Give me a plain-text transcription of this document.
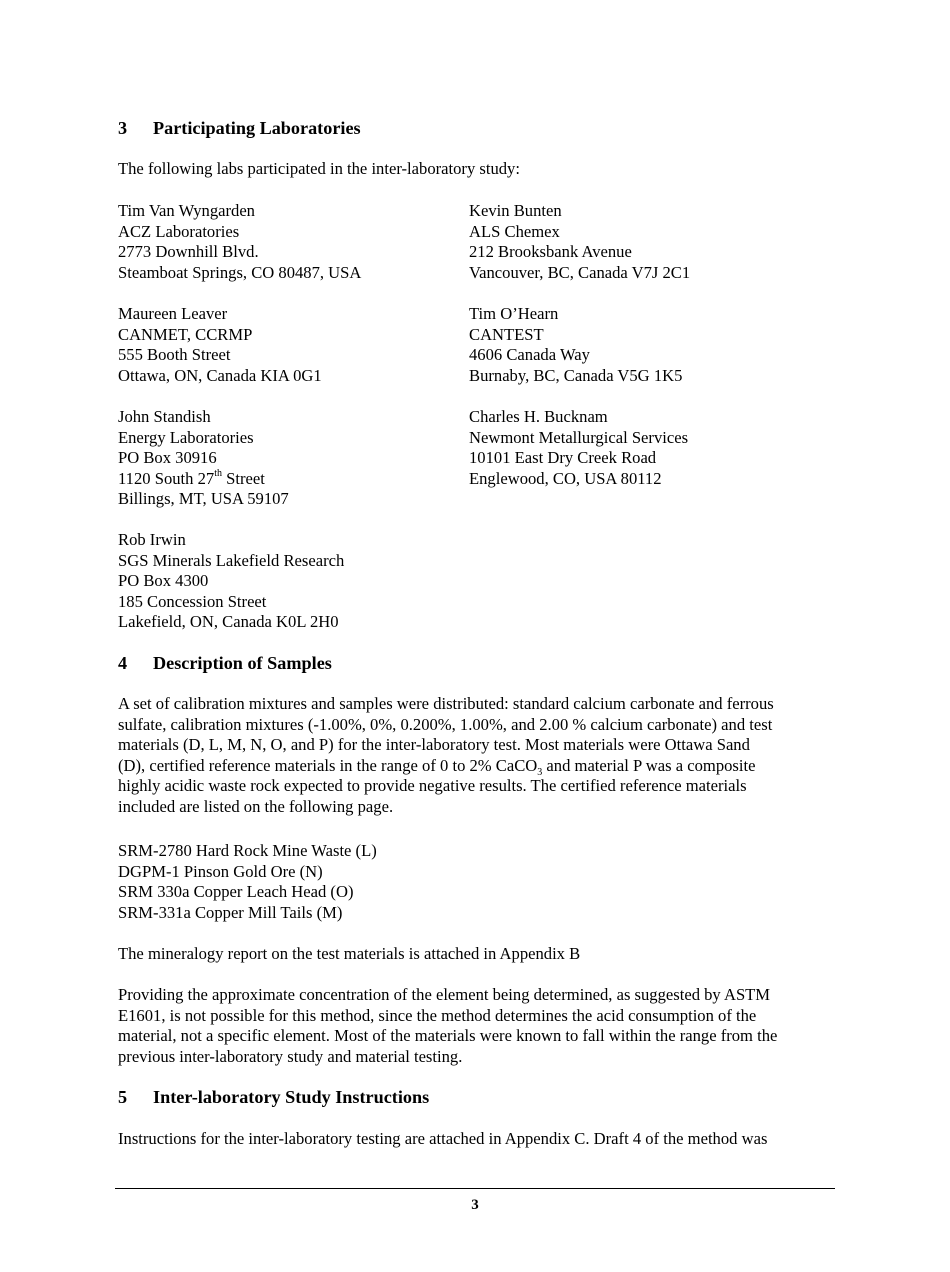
3 Participating Laboratories
The following labs participated in the inter-laboratory study:
Tim Van Wyngarden
ACZ Laboratories
2773 Downhill Blvd.
Steamboat Springs, CO 80487, USA
Kevin Bunten
ALS Chemex
212 Brooksbank Avenue
Vancouver, BC, Canada V7J 2C1
Maureen Leaver
CANMET, CCRMP
555 Booth Street
Ottawa, ON, Canada KIA 0G1
Tim O’Hearn
CANTEST
4606 Canada Way
Burnaby, BC, Canada V5G 1K5
John Standish
Energy Laboratories
PO Box 30916
1120 South 27th Street
Billings, MT, USA 59107
Charles H. Bucknam
Newmont Metallurgical Services
10101 East Dry Creek Road
Englewood, CO, USA 80112
Rob Irwin
SGS Minerals Lakefield Research
PO Box 4300
185 Concession Street
Lakefield, ON, Canada K0L 2H0
4 Description of Samples
A set of calibration mixtures and samples were distributed: standard calcium carbonate and ferrous
sulfate, calibration mixtures (-1.00%, 0%, 0.200%, 1.00%, and 2.00 % calcium carbonate) and test
materials (D, L, M, N, O, and P) for the inter-laboratory test. Most materials were Ottawa Sand
(D), certified reference materials in the range of 0 to 2% CaCO$_3$ and material P was a composite
highly acidic waste rock expected to provide negative results. The certified reference materials
included are listed on the following page.
SRM-2780 Hard Rock Mine Waste (L)
DGPM-1 Pinson Gold Ore (N)
SRM 330a Copper Leach Head (O)
SRM-331a Copper Mill Tails (M)
The mineralogy report on the test materials is attached in Appendix B
Providing the approximate concentration of the element being determined, as suggested by ASTM
E1601, is not possible for this method, since the method determines the acid consumption of the
material, not a specific element. Most of the materials were known to fall within the range from the
previous inter-laboratory study and material testing.
5 Inter-laboratory Study Instructions
Instructions for the inter-laboratory testing are attached in Appendix C. Draft 4 of the method was
3
